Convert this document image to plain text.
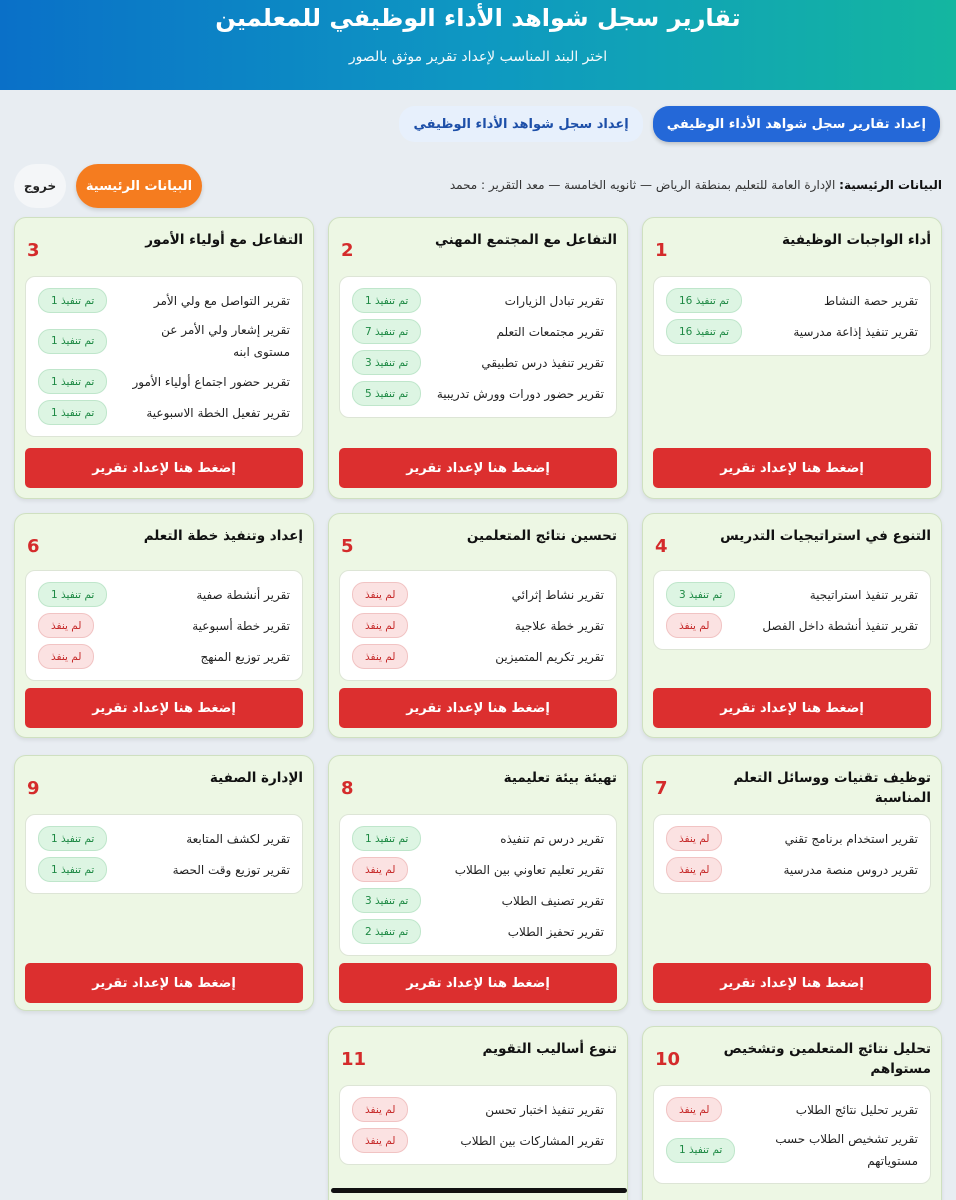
تقارير سجل شواهد الأداء الوظيفي للمعلمين
اختر البند المناسب لإعداد تقرير موثق بالصور
إعداد تقارير سجل شواهد الأداء الوظيفي
إعداد سجل شواهد الأداء الوظيفي
البيانات الرئيسية: الإدارة العامة للتعليم بمنطقة الرياض — ثانويه الخامسة — معد التقرير : محمد
البيانات الرئيسية
خروج
أداء الواجبات الوظيفية
1
تقرير حصة النشاط
تم تنفيذ 16
تقرير تنفيذ إذاعة مدرسية
تم تنفيذ 16
إضغط هنا لإعداد تقرير
التفاعل مع المجتمع المهني
2
تقرير تبادل الزيارات
تم تنفيذ 1
تقرير مجتمعات التعلم
تم تنفيذ 7
تقرير تنفيذ درس تطبيقي
تم تنفيذ 3
تقرير حضور دورات وورش تدريبية
تم تنفيذ 5
إضغط هنا لإعداد تقرير
التفاعل مع أولياء الأمور
3
تقرير التواصل مع ولي الأمر
تم تنفيذ 1
تقرير إشعار ولي الأمر عن مستوى ابنه
تم تنفيذ 1
تقرير حضور اجتماع أولياء الأمور
تم تنفيذ 1
تقرير تفعيل الخطة الاسبوعية
تم تنفيذ 1
إضغط هنا لإعداد تقرير
التنوع في استراتيجيات التدريس
4
تقرير تنفيذ استراتيجية
تم تنفيذ 3
تقرير تنفيذ أنشطة داخل الفصل
لم ينفذ
إضغط هنا لإعداد تقرير
تحسين نتائج المتعلمين
5
تقرير نشاط إثرائي
لم ينفذ
تقرير خطة علاجية
لم ينفذ
تقرير تكريم المتميزين
لم ينفذ
إضغط هنا لإعداد تقرير
إعداد وتنفيذ خطة التعلم
6
تقرير أنشطة صفية
تم تنفيذ 1
تقرير خطة أسبوعية
لم ينفذ
تقرير توزيع المنهج
لم ينفذ
إضغط هنا لإعداد تقرير
توظيف تقنيات ووسائل التعلم المناسبة
7
تقرير استخدام برنامج تقني
لم ينفذ
تقرير دروس منصة مدرسية
لم ينفذ
إضغط هنا لإعداد تقرير
تهيئة بيئة تعليمية
8
تقرير درس تم تنفيذه
تم تنفيذ 1
تقرير تعليم تعاوني بين الطلاب
لم ينفذ
تقرير تصنيف الطلاب
تم تنفيذ 3
تقرير تحفيز الطلاب
تم تنفيذ 2
إضغط هنا لإعداد تقرير
الإدارة الصفية
9
تقرير لكشف المتابعة
تم تنفيذ 1
تقرير توزيع وقت الحصة
تم تنفيذ 1
إضغط هنا لإعداد تقرير
تحليل نتائج المتعلمين وتشخيص مستواهم
10
تقرير تحليل نتائج الطلاب
لم ينفذ
تقرير تشخيص الطلاب حسب مستوياتهم
تم تنفيذ 1
تنوع أساليب التقويم
11
تقرير تنفيذ اختبار تحسن
لم ينفذ
تقرير المشاركات بين الطلاب
لم ينفذ
